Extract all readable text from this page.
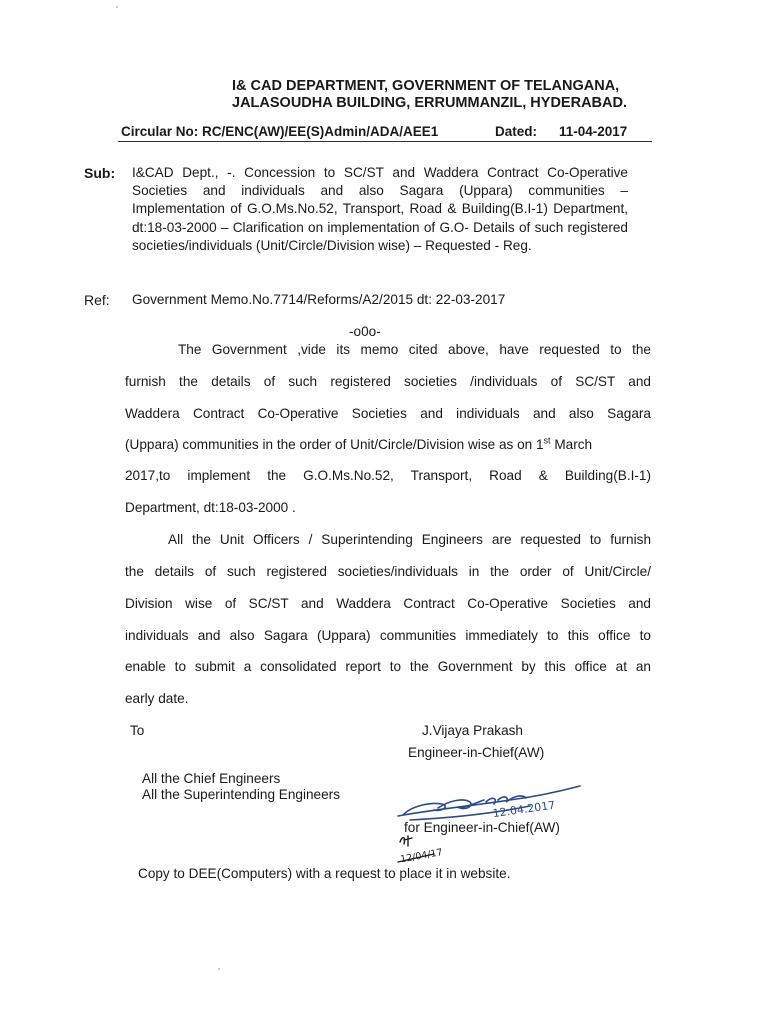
I& CAD DEPARTMENT, GOVERNMENT OF TELANGANA,
JALASOUDHA BUILDING, ERRUMMANZIL, HYDERABAD.
Circular No: RC/ENC(AW)/EE(S)Admin/ADA/AEE1	Dated: 11-04-2017
Sub: I&CAD Dept., -. Concession to SC/ST and Waddera Contract Co-Operative Societies and individuals and also Sagara (Uppara) communities – Implementation of G.O.Ms.No.52, Transport, Road & Building(B.I-1) Department, dt:18-03-2000 – Clarification on implementation of G.O- Details of such registered societies/individuals (Unit/Circle/Division wise) – Requested - Reg.
Ref: Government Memo.No.7714/Reforms/A2/2015 dt: 22-03-2017
-o0o-
The Government ,vide its memo cited above, have requested to the
furnish the details of such registered societies /individuals of SC/ST and
Waddera Contract Co-Operative Societies and individuals and also Sagara
(Uppara) communities in the order of Unit/Circle/Division wise as on 1st March
2017,to implement the G.O.Ms.No.52, Transport, Road & Building(B.I-1)
Department, dt:18-03-2000 .
All the Unit Officers / Superintending Engineers are requested to furnish
the details of such registered societies/individuals in the order of Unit/Circle/
Division wise of SC/ST and Waddera Contract Co-Operative Societies and
individuals and also Sagara (Uppara) communities immediately to this office to
enable to submit a consolidated report to the Government by this office at an
early date.
To	J.Vijaya Prakash
Engineer-in-Chief(AW)
All the Chief Engineers
All the Superintending Engineers
12.04.2017
for Engineer-in-Chief(AW)
12/04/17
Copy to DEE(Computers) with a request to place it in website.
